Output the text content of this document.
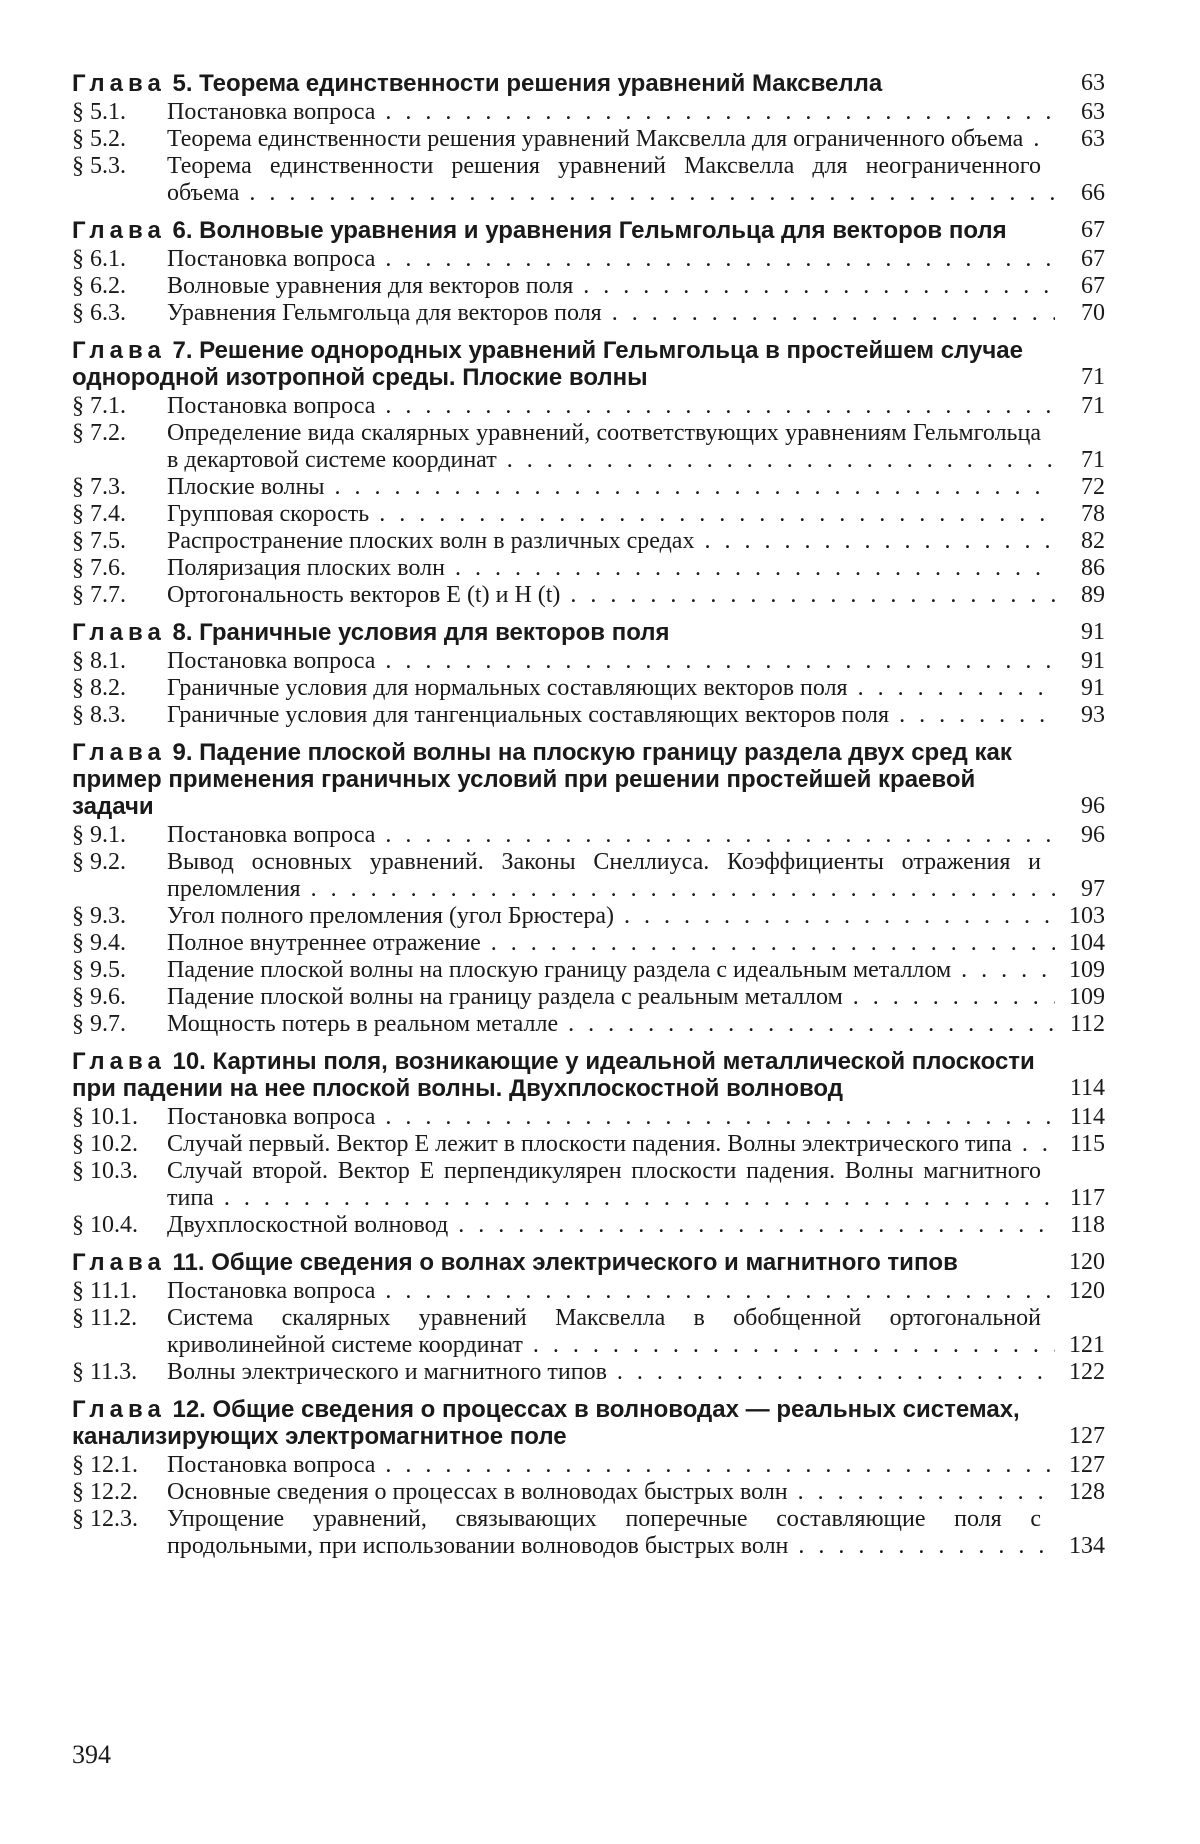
Глава 5. Теорема единственности решения уравнений Максвелла	63
§ 5.1.	Постановка вопроса . . .	63
§ 5.2.	Теорема единственности решения уравнений Максвелла для ограниченного объема . . .	63
§ 5.3.	Теорема единственности решения уравнений Максвелла для неограниченного объема . . .	66
Глава 6. Волновые уравнения и уравнения Гельмгольца для векторов поля	67
§ 6.1.	Постановка вопроса . . .	67
§ 6.2.	Волновые уравнения для векторов поля . . .	67
§ 6.3.	Уравнения Гельмгольца для векторов поля . . .	70
Глава 7. Решение однородных уравнений Гельмгольца в простейшем случае однородной изотропной среды. Плоские волны	71
§ 7.1.	Постановка вопроса . . .	71
§ 7.2.	Определение вида скалярных уравнений, соответствующих уравнениям Гельмгольца в декартовой системе координат . . .	71
§ 7.3.	Плоские волны . . .	72
§ 7.4.	Групповая скорость . . .	78
§ 7.5.	Распространение плоских волн в различных средах . . .	82
§ 7.6.	Поляризация плоских волн . . .	86
§ 7.7.	Ортогональность векторов E (t) и H (t) . . .	89
Глава 8. Граничные условия для векторов поля	91
§ 8.1.	Постановка вопроса . . .	91
§ 8.2.	Граничные условия для нормальных составляющих векторов поля . . .	91
§ 8.3.	Граничные условия для тангенциальных составляющих векторов поля . . .	93
Глава 9. Падение плоской волны на плоскую границу раздела двух сред как пример применения граничных условий при решении простейшей краевой задачи	96
§ 9.1.	Постановка вопроса . . .	96
§ 9.2.	Вывод основных уравнений. Законы Снеллиуса. Коэффициенты отражения и преломления . . .	97
§ 9.3.	Угол полного преломления (угол Брюстера) . . .	103
§ 9.4.	Полное внутреннее отражение . . .	104
§ 9.5.	Падение плоской волны на плоскую границу раздела с идеальным металлом . . .	109
§ 9.6.	Падение плоской волны на границу раздела с реальным металлом . . .	109
§ 9.7.	Мощность потерь в реальном металле . . .	112
Глава 10. Картины поля, возникающие у идеальной металлической плоскости при падении на нее плоской волны. Двухплоскостной волновод	114
§ 10.1.	Постановка вопроса . . .	114
§ 10.2.	Случай первый. Вектор E лежит в плоскости падения. Волны электрического типа . . .	115
§ 10.3.	Случай второй. Вектор E перпендикулярен плоскости падения. Волны магнитного типа . . .	117
§ 10.4.	Двухплоскостной волновод . . .	118
Глава 11. Общие сведения о волнах электрического и магнитного типов	120
§ 11.1.	Постановка вопроса . . .	120
§ 11.2.	Система скалярных уравнений Максвелла в обобщенной ортогональной криволинейной системе координат . . .	121
§ 11.3.	Волны электрического и магнитного типов . . .	122
Глава 12. Общие сведения о процессах в волноводах — реальных системах, канализирующих электромагнитное поле	127
§ 12.1.	Постановка вопроса . . .	127
§ 12.2.	Основные сведения о процессах в волноводах быстрых волн . . .	128
§ 12.3.	Упрощение уравнений, связывающих поперечные составляющие поля с продольными, при использовании волноводов быстрых волн . . .	134
394
